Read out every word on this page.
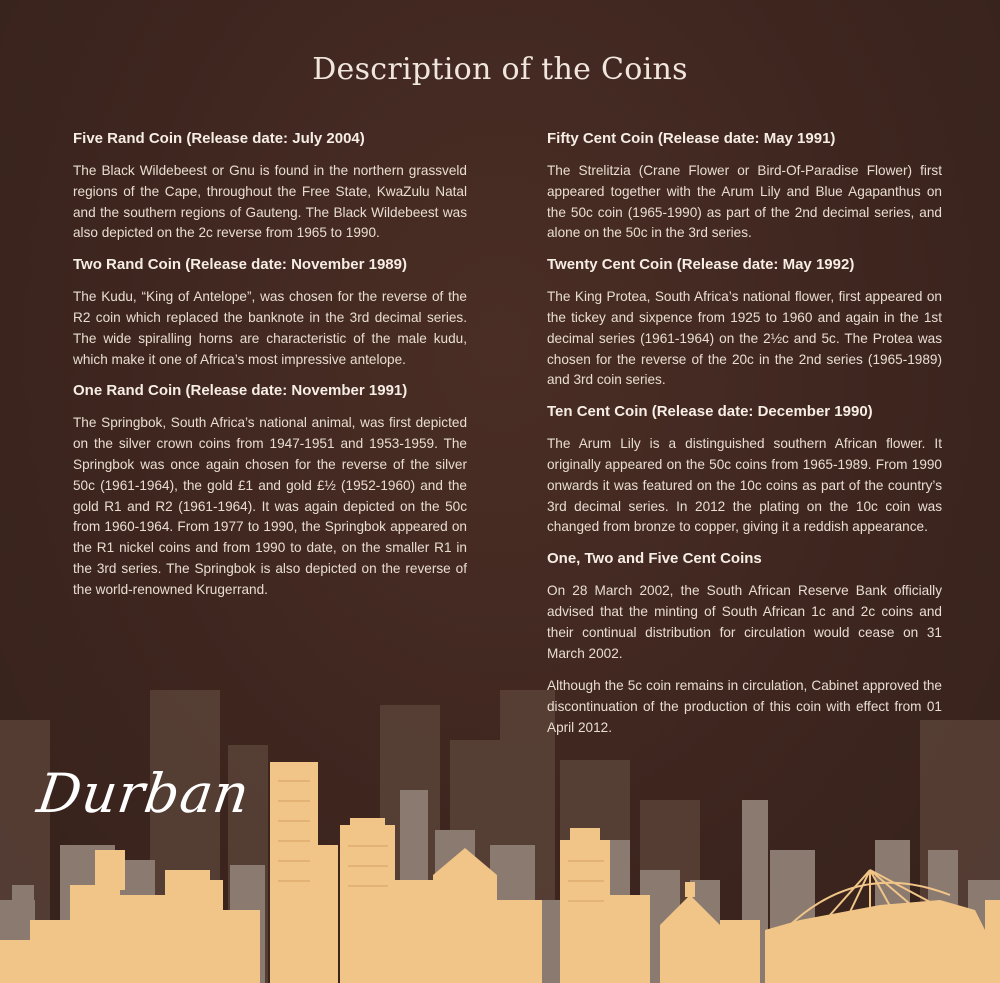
Description of the Coins
Five Rand Coin (Release date: July 2004)

The Black Wildebeest or Gnu is found in the northern grassveld regions of the Cape, throughout the Free State, KwaZulu Natal and the southern regions of Gauteng. The Black Wildebeest was also depicted on the 2c reverse from 1965 to 1990.

Two Rand Coin (Release date: November 1989)

The Kudu, “King of Antelope”, was chosen for the reverse of the R2 coin which replaced the banknote in the 3rd decimal series. The wide spiralling horns are characteristic of the male kudu, which make it one of Africa’s most impressive antelope.

One Rand Coin (Release date: November 1991)

The Springbok, South Africa’s national animal, was first depicted on the silver crown coins from 1947-1951 and 1953-1959. The Springbok was once again chosen for the reverse of the silver 50c (1961-1964), the gold £1 and gold £½ (1952-1960) and the gold R1 and R2 (1961-1964). It was again depicted on the 50c from 1960-1964. From 1977 to 1990, the Springbok appeared on the R1 nickel coins and from 1990 to date, on the smaller R1 in the 3rd series. The Springbok is also depicted on the reverse of the world-renowned Krugerrand.

Fifty Cent Coin (Release date: May 1991)

The Strelitzia (Crane Flower or Bird-Of-Paradise Flower) first appeared together with the Arum Lily and Blue Agapanthus on the 50c coin (1965-1990) as part of the 2nd decimal series, and alone on the 50c in the 3rd series.

Twenty Cent Coin (Release date: May 1992)

The King Protea, South Africa’s national flower, first appeared on the tickey and sixpence from 1925 to 1960 and again in the 1st decimal series (1961-1964) on the 2½c and 5c. The Protea was chosen for the reverse of the 20c in the 2nd series (1965-1989) and 3rd coin series.

Ten Cent Coin (Release date: December 1990)

The Arum Lily is a distinguished southern African flower. It originally appeared on the 50c coins from 1965-1989. From 1990 onwards it was featured on the 10c coins as part of the country’s 3rd decimal series. In 2012 the plating on the 10c coin was changed from bronze to copper, giving it a reddish appearance.

One, Two and Five Cent Coins

On 28 March 2002, the South African Reserve Bank officially advised that the minting of South African 1c and 2c coins and their continual distribution for circulation would cease on 31 March 2002.

Although the 5c coin remains in circulation, Cabinet approved the discontinuation of the production of this coin with effect from 01 April 2012.

Durban
